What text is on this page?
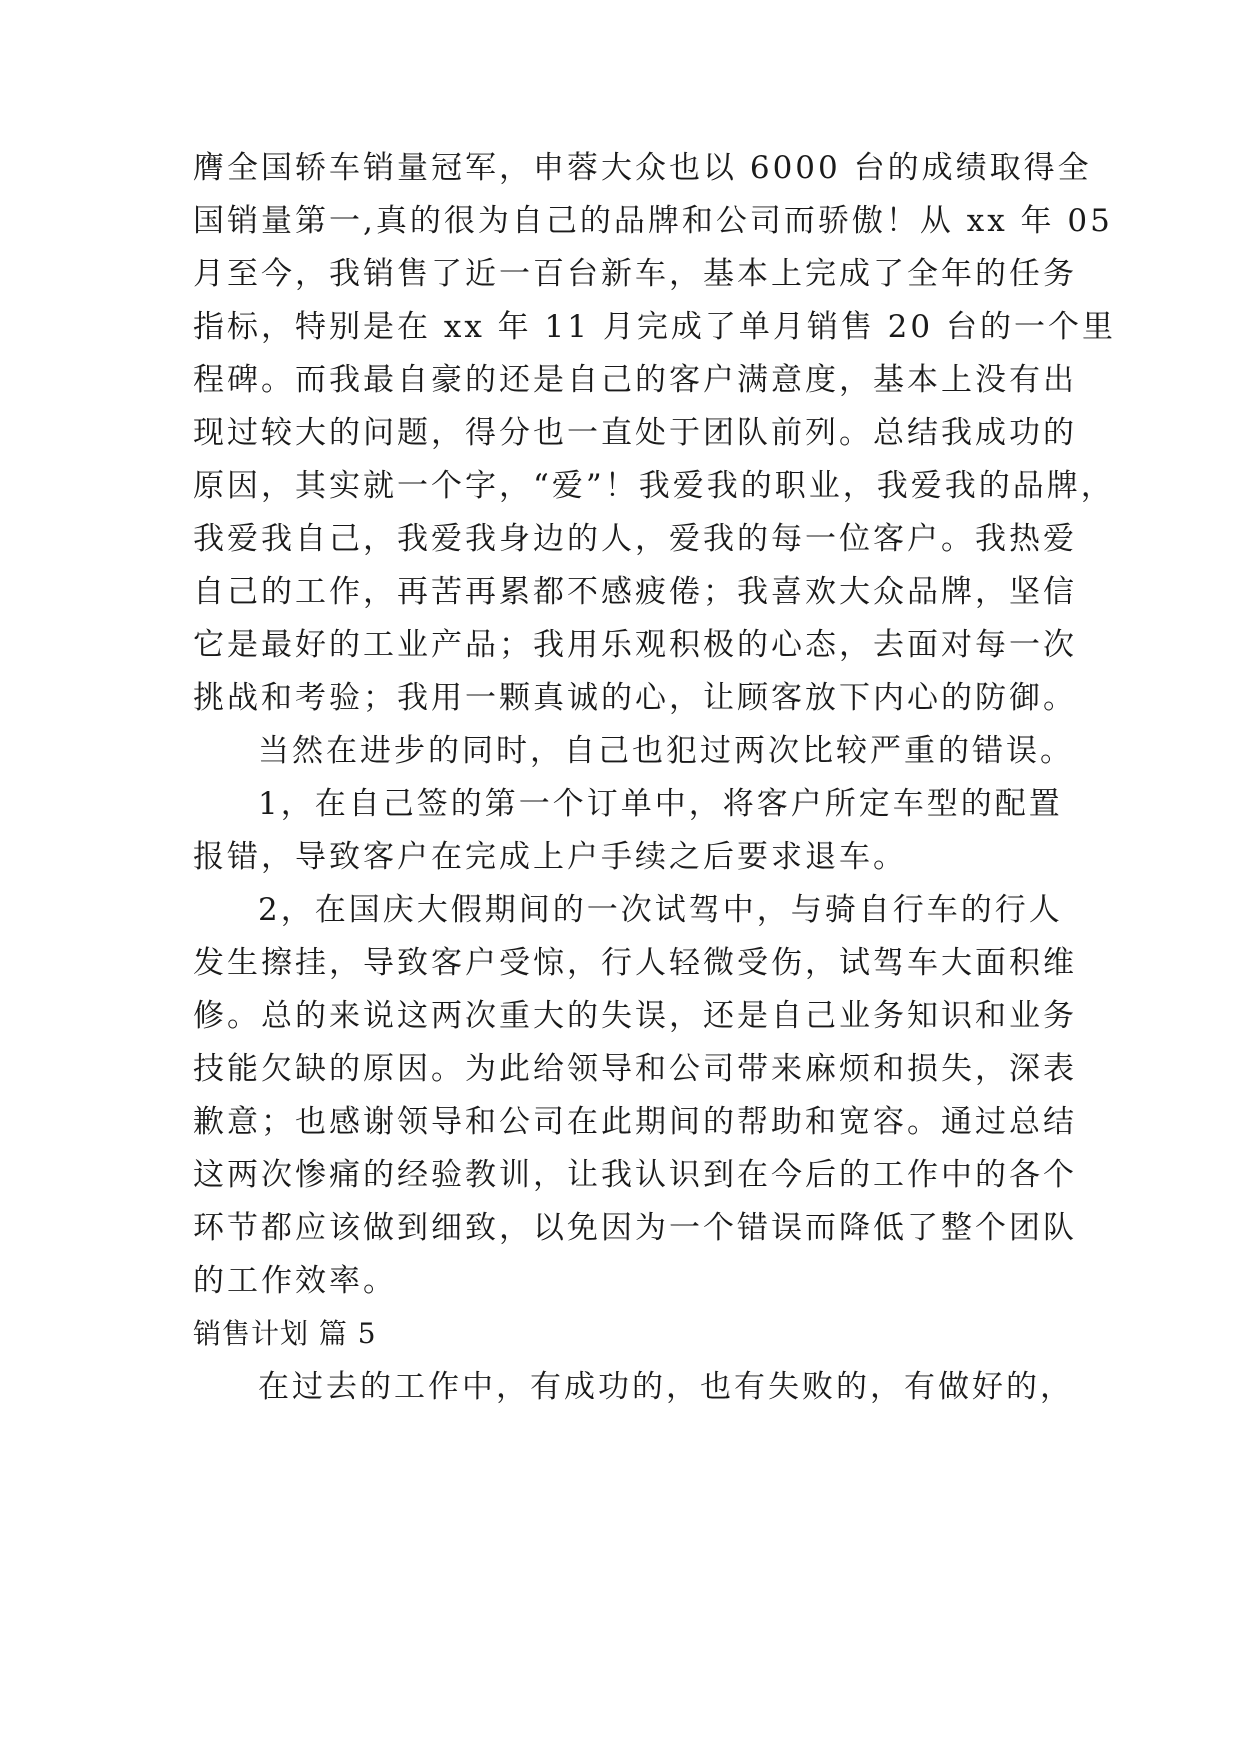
膺全国轿车销量冠军，申蓉大众也以 6000 台的成绩取得全
国销量第一,真的很为自己的品牌和公司而骄傲！从 xx 年 05
月至今，我销售了近一百台新车，基本上完成了全年的任务
指标，特别是在 xx 年 11 月完成了单月销售 20 台的一个里
程碑。而我最自豪的还是自己的客户满意度，基本上没有出
现过较大的问题，得分也一直处于团队前列。总结我成功的
原因，其实就一个字，“爱”！我爱我的职业，我爱我的品牌，
我爱我自己，我爱我身边的人，爱我的每一位客户。我热爱
自己的工作，再苦再累都不感疲倦；我喜欢大众品牌，坚信
它是最好的工业产品；我用乐观积极的心态，去面对每一次
挑战和考验；我用一颗真诚的心，让顾客放下内心的防御。
当然在进步的同时，自己也犯过两次比较严重的错误。
1，在自己签的第一个订单中，将客户所定车型的配置
报错，导致客户在完成上户手续之后要求退车。
2，在国庆大假期间的一次试驾中，与骑自行车的行人
发生擦挂，导致客户受惊，行人轻微受伤，试驾车大面积维
修。总的来说这两次重大的失误，还是自己业务知识和业务
技能欠缺的原因。为此给领导和公司带来麻烦和损失，深表
歉意；也感谢领导和公司在此期间的帮助和宽容。通过总结
这两次惨痛的经验教训，让我认识到在今后的工作中的各个
环节都应该做到细致，以免因为一个错误而降低了整个团队
的工作效率。
销售计划 篇 5
在过去的工作中，有成功的，也有失败的，有做好的，
